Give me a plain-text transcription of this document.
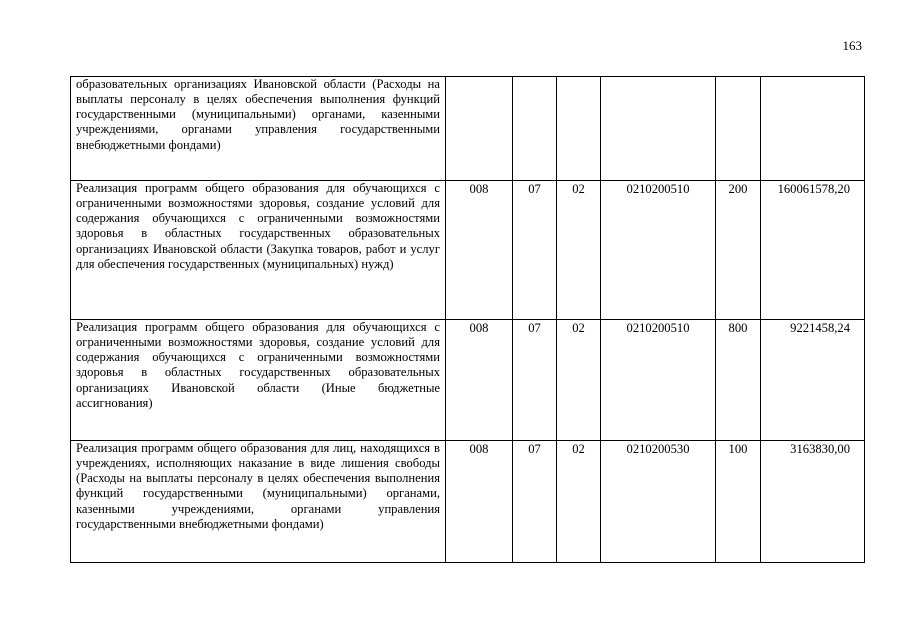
163
образовательных организациях Ивановской области (Расходы на выплаты персоналу в целях обеспечения выполнения функций государственными (муниципальными) органами, казенными учреждениями, органами управления государственными внебюджетными фондами)						
Реализация программ общего образования для обучающихся с ограниченными возможностями здоровья, создание условий для содержания обучающихся с ограниченными возможностями здоровья в областных государственных образовательных организациях Ивановской области (Закупка товаров, работ и услуг для обеспечения государственных (муниципальных) нужд)	008	07	02	0210200510	200	160061578,20
Реализация программ общего образования для обучающихся с ограниченными возможностями здоровья, создание условий для содержания обучающихся с ограниченными возможностями здоровья в областных государственных образовательных организациях Ивановской области (Иные бюджетные ассигнования)	008	07	02	0210200510	800	9221458,24
Реализация программ общего образования для лиц, находящихся в учреждениях, исполняющих наказание в виде лишения свободы (Расходы на выплаты персоналу в целях обеспечения выполнения функций государственными (муниципальными) органами, казенными учреждениями, органами управления государственными внебюджетными фондами)	008	07	02	0210200530	100	3163830,00
